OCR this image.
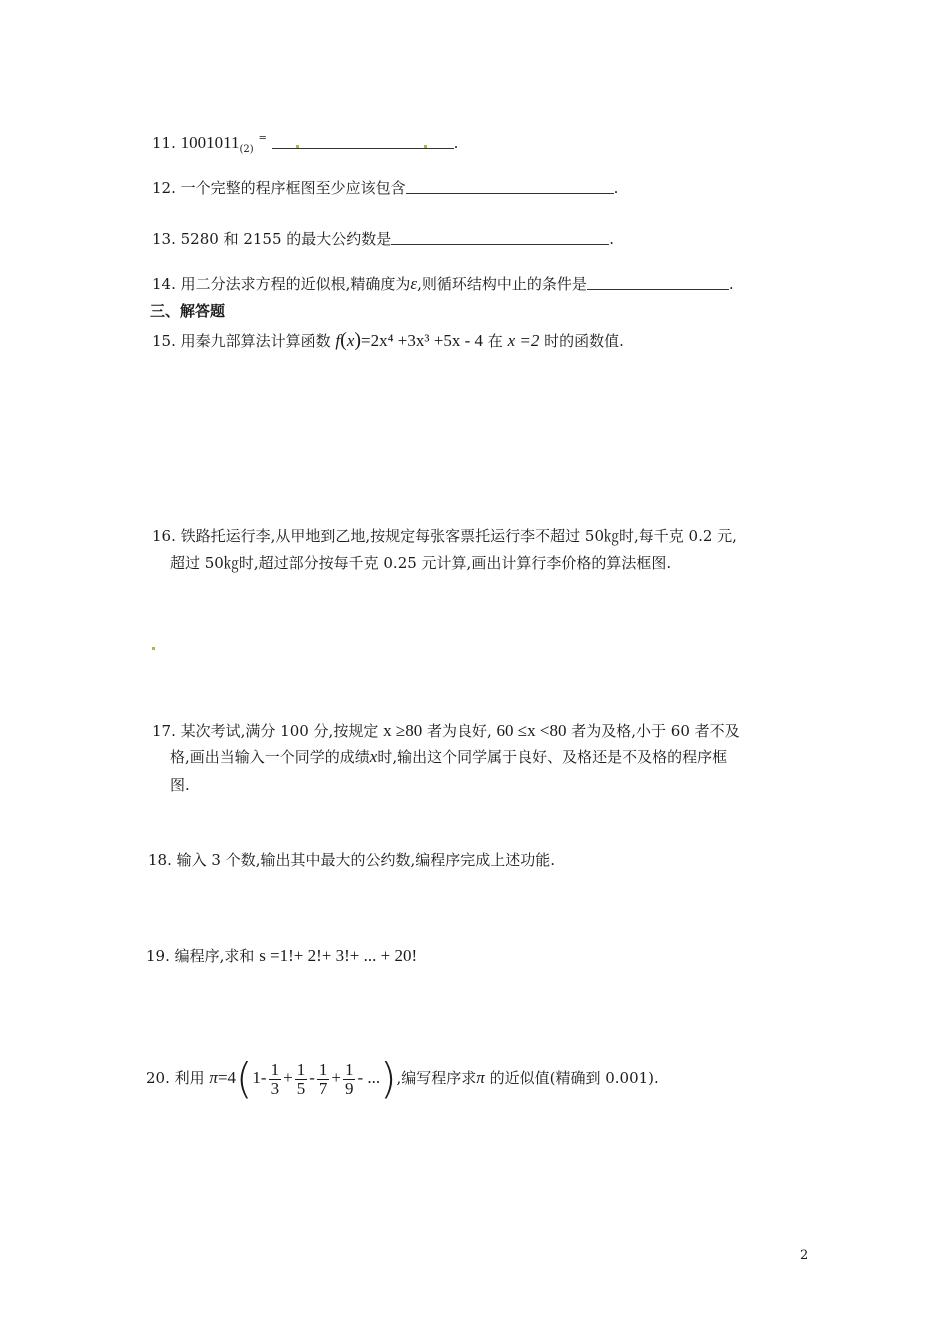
11. $1001011_{(2)}$ =	.
12. 一个完整的程序框图至少应该包含	.
13. 5280 和 2155 的最大公约数是	.
14. 用二分法求方程的近似根,精确度为ε,则循环结构中止的条件是	.
三、解答题
15. 用秦九部算法计算函数 f(x)=2x⁴ +3x³ +5x - 4 在 x =2 时的函数值.
16. 铁路托运行李,从甲地到乙地,按规定每张客票托运行李不超过 50㎏时,每千克 0.2 元,
超过 50㎏时,超过部分按每千克 0.25 元计算,画出计算行李价格的算法框图.
17. 某次考试,满分 100 分,按规定 x ≥80 者为良好, 60 ≤x <80 者为及格,小于 60 者不及
格,画出当输入一个同学的成绩x时,输出这个同学属于良好、及格还是不及格的程序框
图.
18. 输入 3 个数,输出其中最大的公约数,编程序完成上述功能.
19. 编程序,求和 s =1!+ 2!+ 3!+ ... + 20!
20. 利用 $\pi=4(1- \frac{1}{3} + \frac{1}{5} - \frac{1}{7} + \frac{1}{9}$ - ...),编写程序求π 的近似值(精确到 0.001).
2
